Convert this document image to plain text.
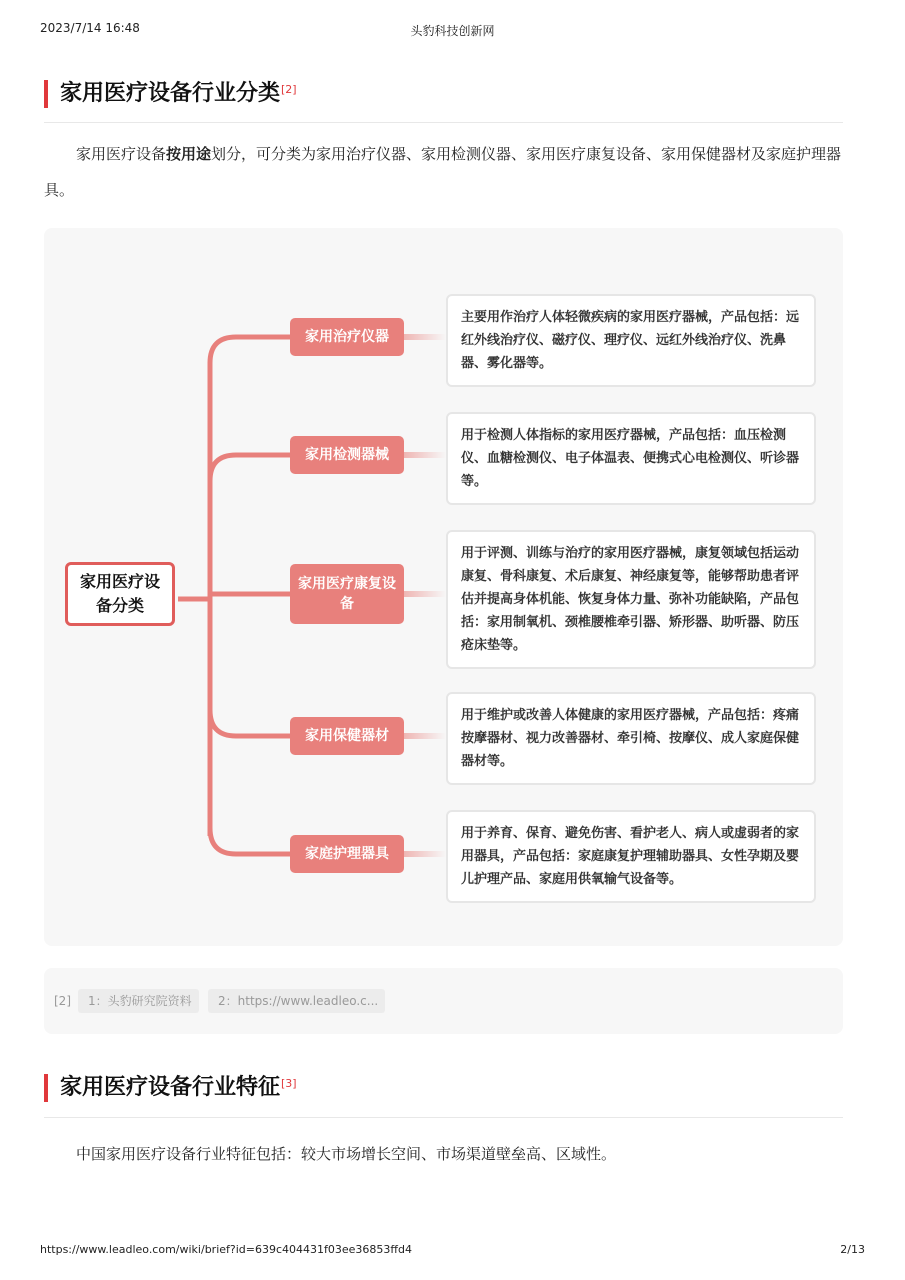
2023/7/14 16:48	头豹科技创新网
家用医疗设备行业分类[2]
家用医疗设备按用途划分，可分类为家用治疗仪器、家用检测仪器、家用医疗康复设备、家用保健器材及家庭护理器具。
家用医疗设备分类
家用治疗仪器
家用检测器械
家用医疗康复设备
家用保健器材
家庭护理器具
主要用作治疗人体轻微疾病的家用医疗器械，产品包括：远红外线治疗仪、磁疗仪、理疗仪、远红外线治疗仪、洗鼻器、雾化器等。
用于检测人体指标的家用医疗器械，产品包括：血压检测仪、血糖检测仪、电子体温表、便携式心电检测仪、听诊器等。
用于评测、训练与治疗的家用医疗器械，康复领域包括运动康复、骨科康复、术后康复、神经康复等，能够帮助患者评估并提高身体机能、恢复身体力量、弥补功能缺陷，产品包括：家用制氧机、颈椎腰椎牵引器、矫形器、助听器、防压疮床垫等。
用于维护或改善人体健康的家用医疗器械，产品包括：疼痛按摩器材、视力改善器材、牵引椅、按摩仪、成人家庭保健器材等。
用于养育、保育、避免伤害、看护老人、病人或虚弱者的家用器具，产品包括：家庭康复护理辅助器具、女性孕期及婴儿护理产品、家庭用供氧输气设备等。
[2]	1：头豹研究院资料	2：https://www.leadleo.c...
家用医疗设备行业特征[3]
中国家用医疗设备行业特征包括：较大市场增长空间、市场渠道壁垒高、区域性。
https://www.leadleo.com/wiki/brief?id=639c404431f03ee36853ffd4	2/13
